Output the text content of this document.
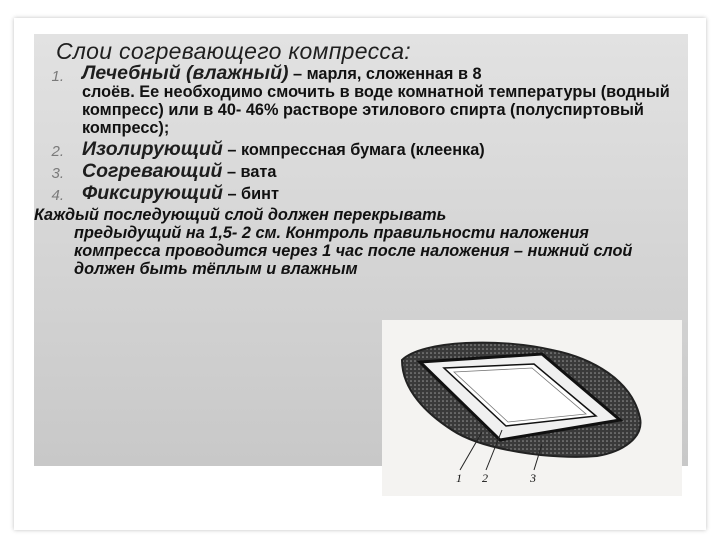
Слои согревающего компресса:
1. Лечебный (влажный) – марля, сложенная в 8
слоёв. Ее необходимо смочить в воде комнатной температуры (водный компресс) или в 40- 46% растворе этилового спирта (полуспиртовый компресс);
2. Изолирующий – компрессная бумага (клеенка)
3. Согревающий – вата
4. Фиксирующий – бинт
Каждый последующий слой должен перекрывать
предыдущий на 1,5- 2 см. Контроль правильности наложения компресса проводится через 1 час после наложения – нижний слой должен быть тёплым и влажным
1 2	3
